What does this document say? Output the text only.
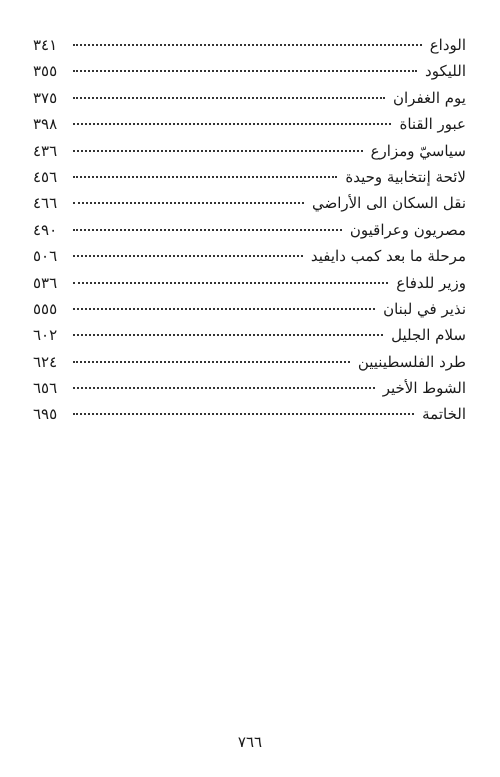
الوداع
٣٤١
الليكود
٣٥٥
يوم الغفران
٣٧٥
عبور القناة
٣٩٨
سياسيّ ومزارع
٤٣٦
لائحة إنتخابية وحيدة
٤٥٦
نقل السكان الى الأراضي
٤٦٦
مصريون وعراقيون
٤٩٠
مرحلة ما بعد كمب دايفيد
٥٠٦
وزير للدفاع
٥٣٦
نذير في لبنان
٥٥٥
سلام الجليل
٦٠٢
طرد الفلسطينيين
٦٢٤
الشوط الأخير
٦٥٦
الخاتمة
٦٩٥
٧٦٦
